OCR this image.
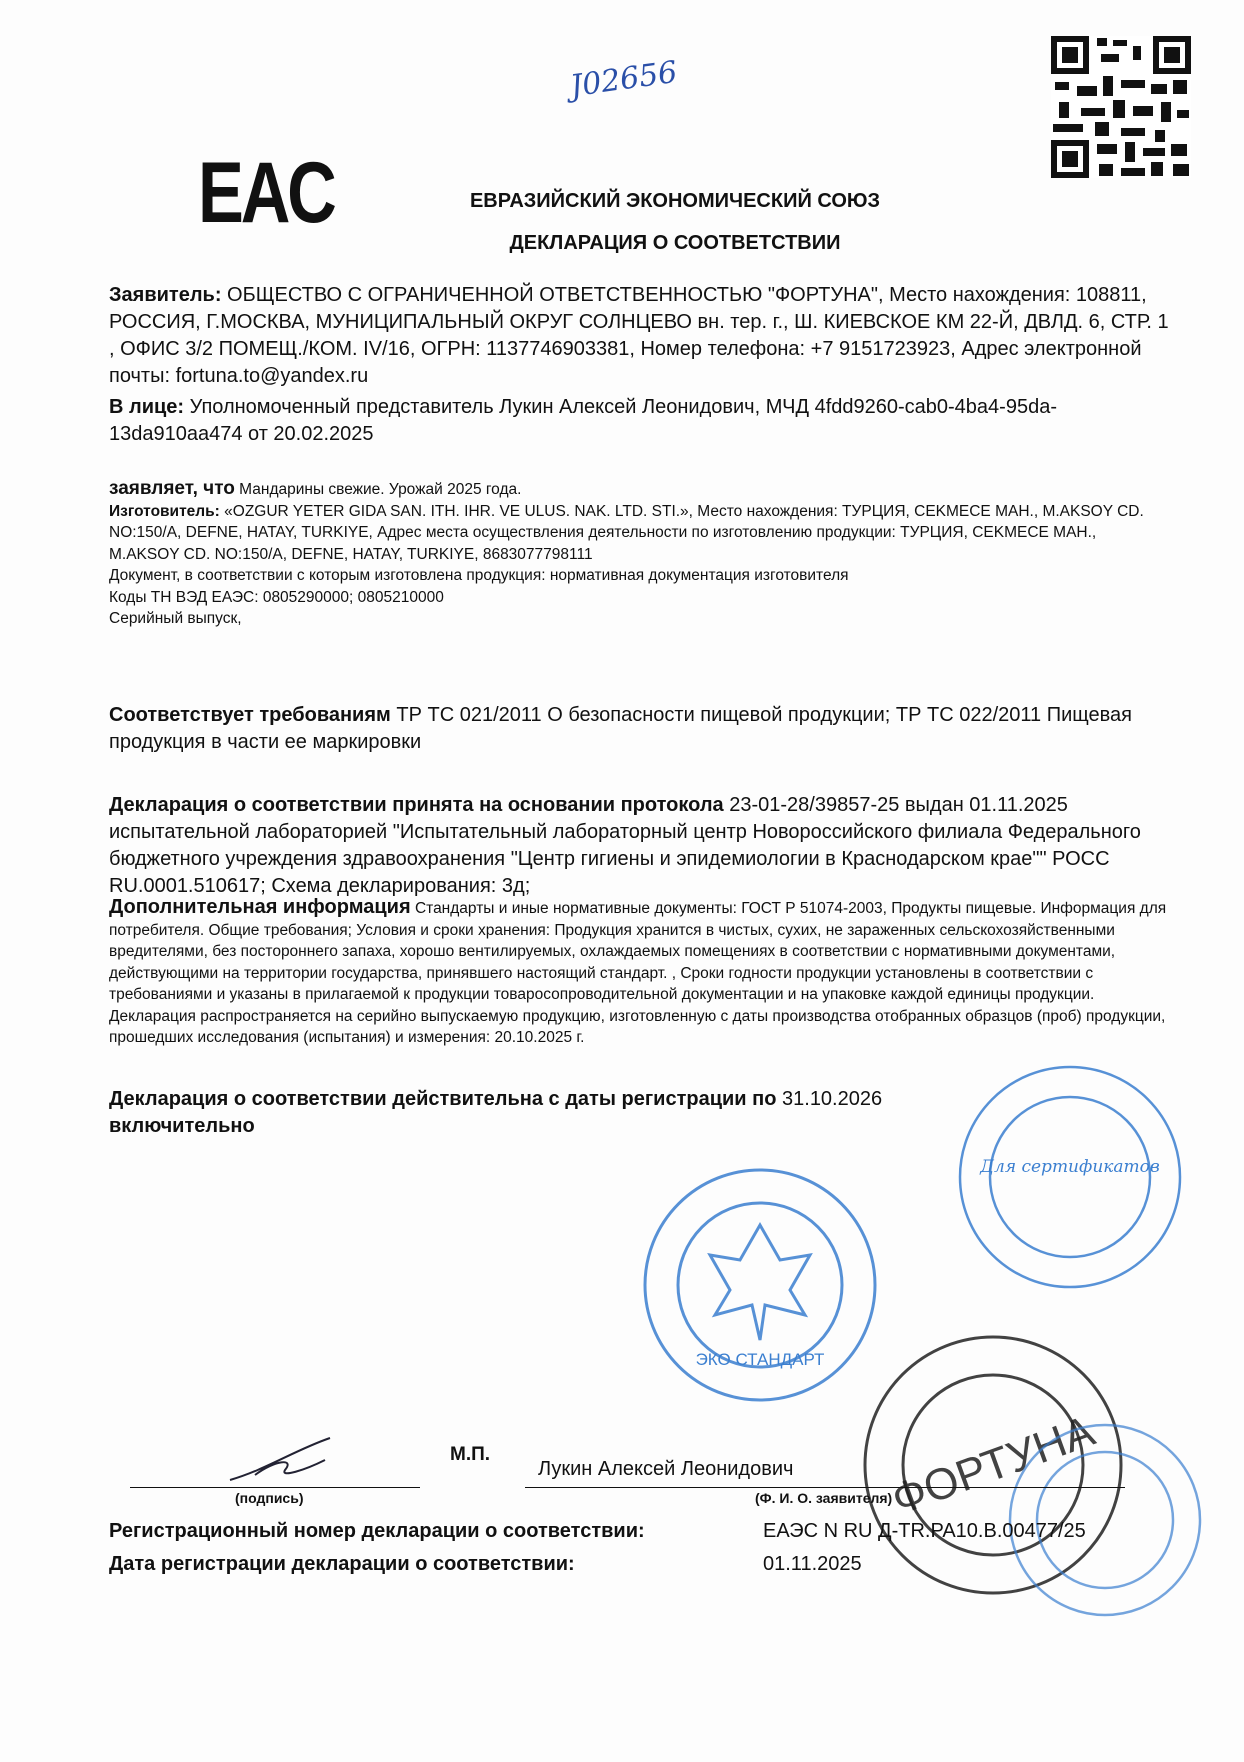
J02656
EAC	ЕВРАЗИЙСКИЙ ЭКОНОМИЧЕСКИЙ СОЮЗ
ДЕКЛАРАЦИЯ О СООТВЕТСТВИИ
Заявитель: ОБЩЕСТВО С ОГРАНИЧЕННОЙ ОТВЕТСТВЕННОСТЬЮ "ФОРТУНА", Место нахождения: 108811, РОССИЯ, Г.МОСКВА, МУНИЦИПАЛЬНЫЙ ОКРУГ СОЛНЦЕВО вн. тер. г., Ш. КИЕВСКОЕ КМ 22-Й, ДВЛД. 6, СТР. 1 , ОФИС 3/2 ПОМЕЩ./КОМ. IV/16, ОГРН: 1137746903381, Номер телефона: +7 9151723923, Адрес электронной почты: fortuna.to@yandex.ru
В лице: Уполномоченный представитель Лукин Алексей Леонидович, МЧД 4fdd9260-cab0-4ba4-95da-13da910aa474 от 20.02.2025
заявляет, что Мандарины свежие. Урожай 2025 года.
Изготовитель: «OZGUR YETER GIDA SAN. ITH. IHR. VE ULUS. NAK. LTD. STI.», Место нахождения: ТУРЦИЯ, CEKMECE MAH., M.AKSOY CD. NO:150/A, DEFNE, HATAY, TURKIYE, Адрес места осуществления деятельности по изготовлению продукции: ТУРЦИЯ, CEKMECE MAH., M.AKSOY CD. NO:150/A, DEFNE, HATAY, TURKIYE, 8683077798111
Документ, в соответствии с которым изготовлена продукция: нормативная документация изготовителя
Коды ТН ВЭД ЕАЭС: 0805290000; 0805210000
Серийный выпуск,
Соответствует требованиям ТР ТС 021/2011 О безопасности пищевой продукции; ТР ТС 022/2011 Пищевая продукция в части ее маркировки
Декларация о соответствии принята на основании протокола 23-01-28/39857-25 выдан 01.11.2025 испытательной лабораторией "Испытательный лабораторный центр Новороссийского филиала Федерального бюджетного учреждения здравоохранения "Центр гигиены и эпидемиологии в Краснодарском крае"" РОСС RU.0001.510617; Схема декларирования: 3д;
Дополнительная информация Стандарты и иные нормативные документы: ГОСТ Р 51074-2003, Продукты пищевые. Информация для потребителя. Общие требования; Условия и сроки хранения: Продукция хранится в чистых, сухих, не зараженных сельскохозяйственными вредителями, без постороннего запаха, хорошо вентилируемых, охлаждаемых помещениях в соответствии с нормативными документами, действующими на территории государства, принявшего настоящий стандарт. , Сроки годности продукции установлены в соответствии с требованиями и указаны в прилагаемой к продукции товаросопроводительной документации и на упаковке каждой единицы продукции.
Декларация распространяется на серийно выпускаемую продукцию, изготовленную с даты производства отобранных образцов (проб) продукции, прошедших исследования (испытания) и измерения: 20.10.2025 г.
Декларация о соответствии действительна с даты регистрации по 31.10.2026
включительно
Для сертификатов
ЭКО СТАНДАРТ
ФОРТУНА
(подпись)
М.П.
Лукин Алексей Леонидович
(Ф. И. О. заявителя)
Регистрационный номер декларации о соответствии:	ЕАЭС N RU Д-TR.PA10.B.00477/25
Дата регистрации декларации о соответствии:	01.11.2025
